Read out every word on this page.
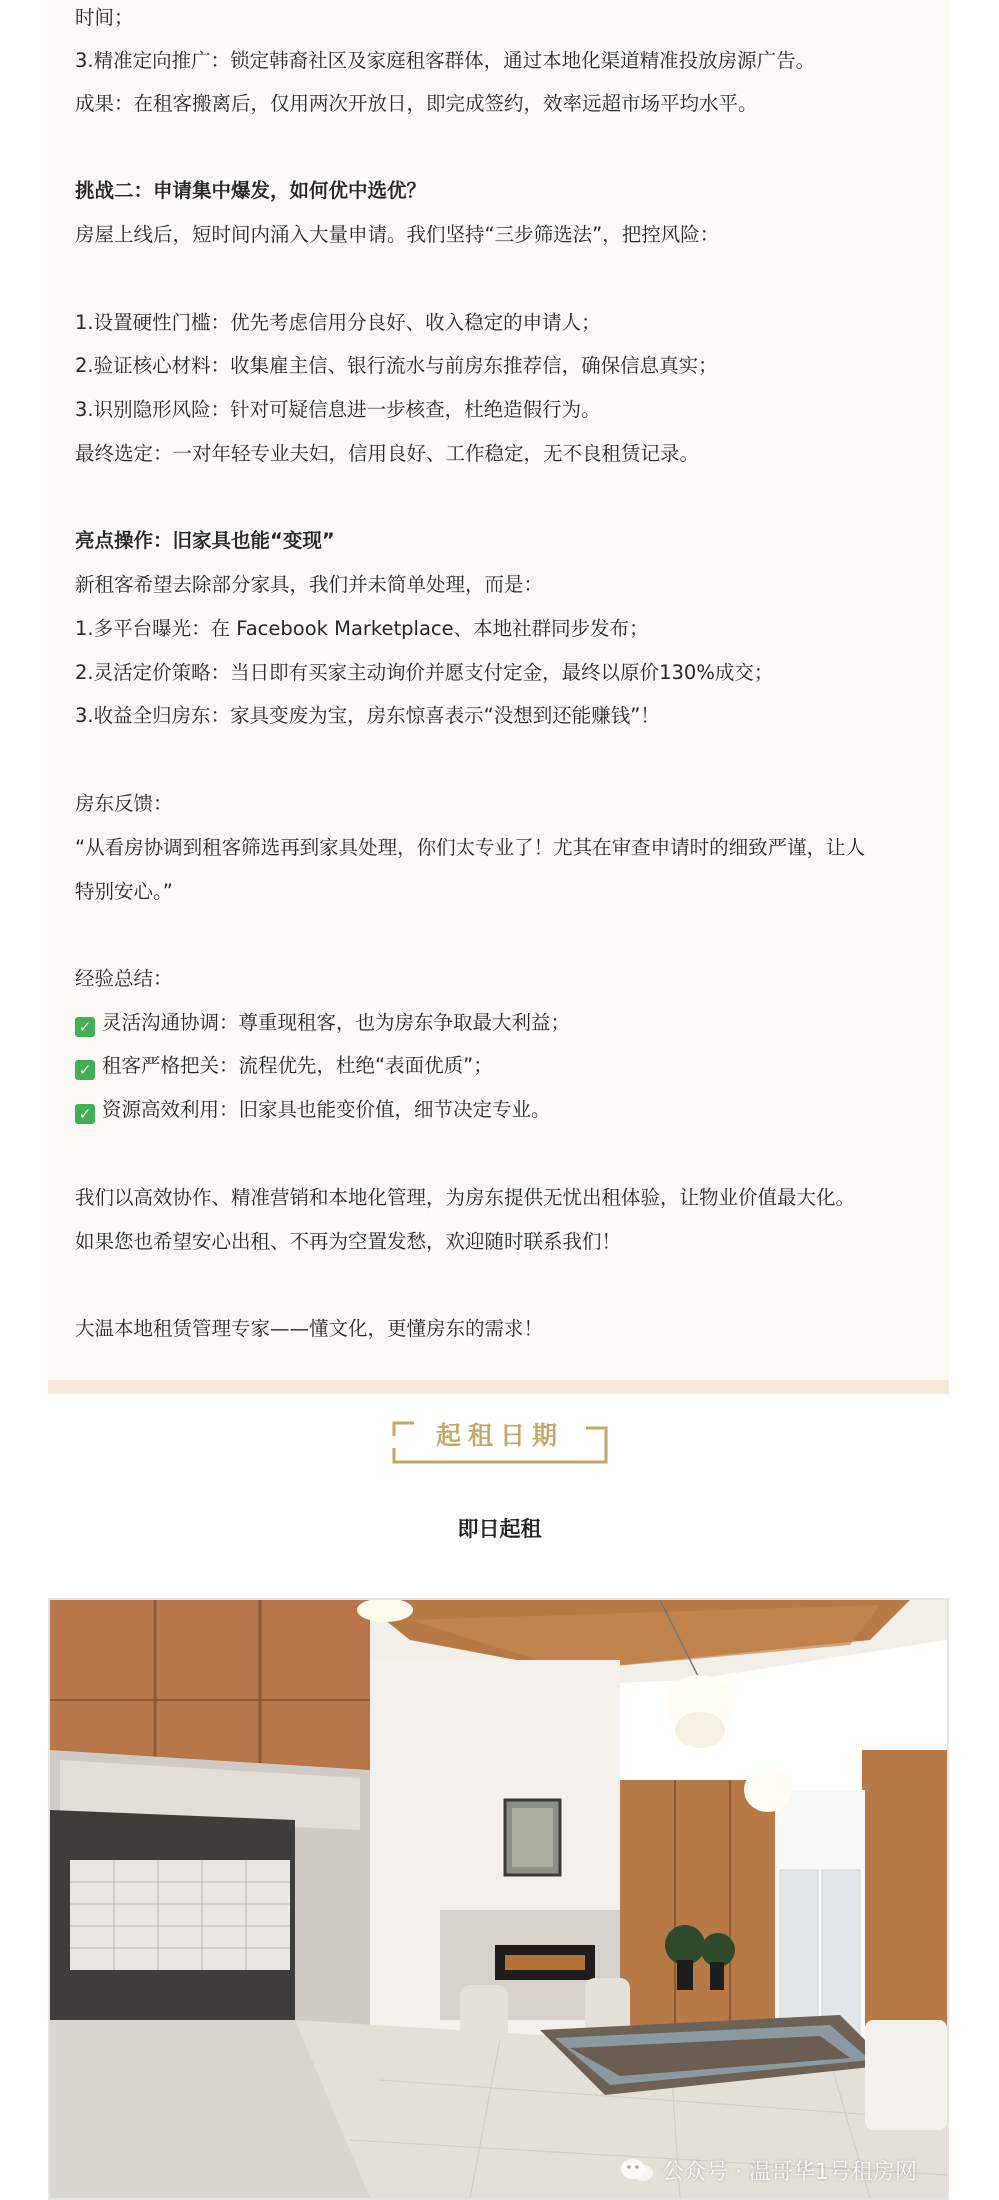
时间；
3.精准定向推广：锁定韩裔社区及家庭租客群体，通过本地化渠道精准投放房源广告。
成果：在租客搬离后，仅用两次开放日，即完成签约，效率远超市场平均水平。
挑战二：申请集中爆发，如何优中选优？
房屋上线后，短时间内涌入大量申请。我们坚持“三步筛选法”，把控风险：
1.设置硬性门槛：优先考虑信用分良好、收入稳定的申请人；
2.验证核心材料：收集雇主信、银行流水与前房东推荐信，确保信息真实；
3.识别隐形风险：针对可疑信息进一步核查，杜绝造假行为。
最终选定：一对年轻专业夫妇，信用良好、工作稳定，无不良租赁记录。
亮点操作：旧家具也能“变现”
新租客希望去除部分家具，我们并未简单处理，而是：
1.多平台曝光：在 Facebook Marketplace、本地社群同步发布；
2.灵活定价策略：当日即有买家主动询价并愿支付定金，最终以原价130%成交；
3.收益全归房东：家具变废为宝，房东惊喜表示“没想到还能赚钱”！
房东反馈：
“从看房协调到租客筛选再到家具处理，你们太专业了！尤其在审查申请时的细致严谨，让人
特别安心。”
经验总结：
✓ 灵活沟通协调：尊重现租客，也为房东争取最大利益；
✓ 租客严格把关：流程优先，杜绝“表面优质”；
✓ 资源高效利用：旧家具也能变价值，细节决定专业。
我们以高效协作、精准营销和本地化管理，为房东提供无忧出租体验，让物业价值最大化。
如果您也希望安心出租、不再为空置发愁，欢迎随时联系我们！
大温本地租赁管理专家——懂文化，更懂房东的需求！
起租日期
即日起租
公众号 · 温哥华1号租房网
